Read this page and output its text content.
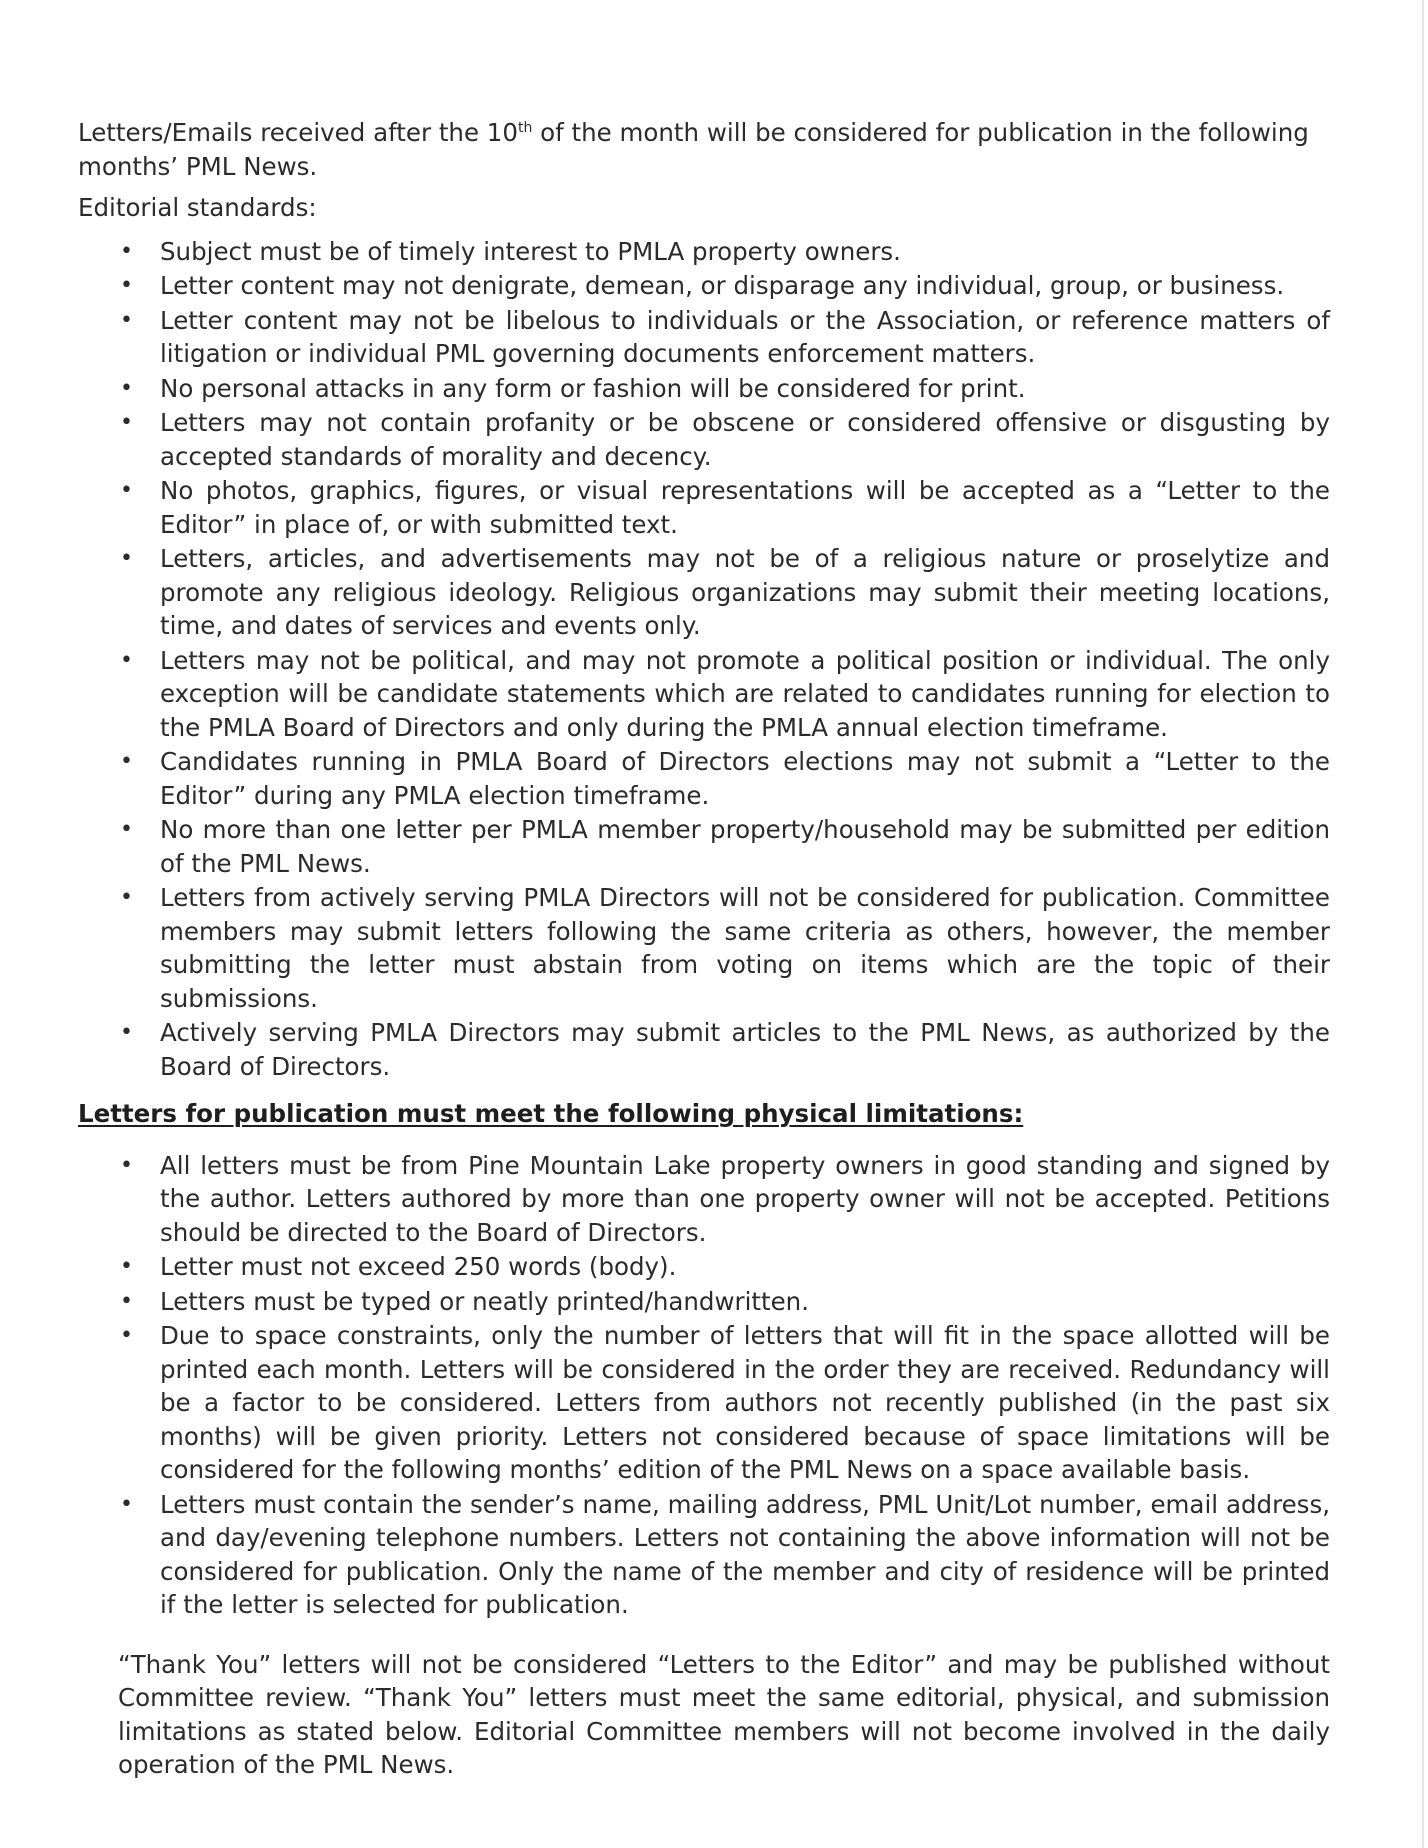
Letters/Emails received after the 10th of the month will be considered for publication in the following months’ PML News.

Editorial standards:

• Subject must be of timely interest to PMLA property owners.
• Letter content may not denigrate, demean, or disparage any individual, group, or business.
• Letter content may not be libelous to individuals or the Association, or reference matters of litigation or individual PML governing documents enforcement matters.
• No personal attacks in any form or fashion will be considered for print.
• Letters may not contain profanity or be obscene or considered offensive or disgusting by accepted standards of morality and decency.
• No photos, graphics, figures, or visual representations will be accepted as a “Letter to the Editor” in place of, or with submitted text.
• Letters, articles, and advertisements may not be of a religious nature or proselytize and promote any religious ideology. Religious organizations may submit their meeting locations, time, and dates of services and events only.
• Letters may not be political, and may not promote a political position or individual. The only exception will be candidate statements which are related to candidates running for election to the PMLA Board of Directors and only during the PMLA annual election timeframe.
• Candidates running in PMLA Board of Directors elections may not submit a “Letter to the Editor” during any PMLA election timeframe.
• No more than one letter per PMLA member property/household may be submitted per edition of the PML News.
• Letters from actively serving PMLA Directors will not be considered for publication. Committee members may submit letters following the same criteria as others, however, the member submitting the letter must abstain from voting on items which are the topic of their submissions.
• Actively serving PMLA Directors may submit articles to the PML News, as authorized by the Board of Directors.

Letters for publication must meet the following physical limitations:

• All letters must be from Pine Mountain Lake property owners in good standing and signed by the author. Letters authored by more than one property owner will not be accepted. Petitions should be directed to the Board of Directors.
• Letter must not exceed 250 words (body).
• Letters must be typed or neatly printed/handwritten.
• Due to space constraints, only the number of letters that will fit in the space allotted will be printed each month. Letters will be considered in the order they are received. Redundancy will be a factor to be considered. Letters from authors not recently published (in the past six months) will be given priority. Letters not considered because of space limitations will be considered for the following months’ edition of the PML News on a space available basis.
• Letters must contain the sender’s name, mailing address, PML Unit/Lot number, email address, and day/evening telephone numbers. Letters not containing the above information will not be considered for publication. Only the name of the member and city of residence will be printed if the letter is selected for publication.

“Thank You” letters will not be considered “Letters to the Editor” and may be published without Committee review. “Thank You” letters must meet the same editorial, physical, and submission limitations as stated below. Editorial Committee members will not become involved in the daily operation of the PML News.
